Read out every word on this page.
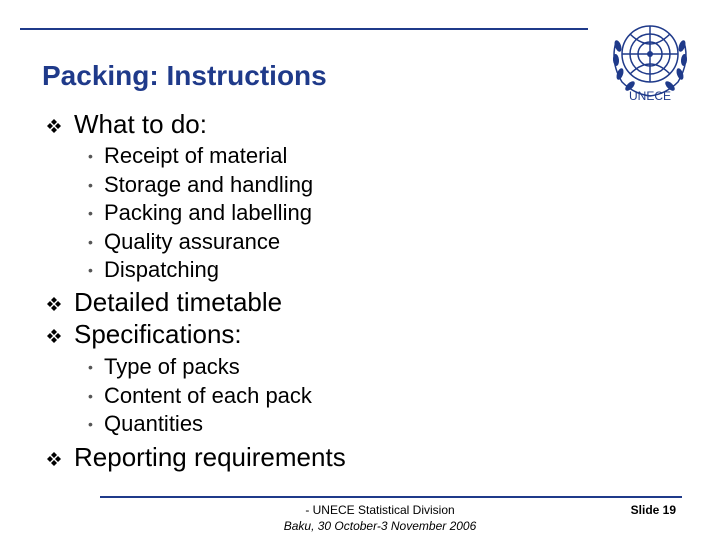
Packing: Instructions
UNECE
What to do:
• Receipt of material
• Storage and handling
• Packing and labelling
• Quality assurance
• Dispatching
Detailed timetable
Specifications:
• Type of packs
• Content of each pack
• Quantities
Reporting requirements
- UNECE Statistical Division
Baku, 30 October-3 November 2006
Slide 19
